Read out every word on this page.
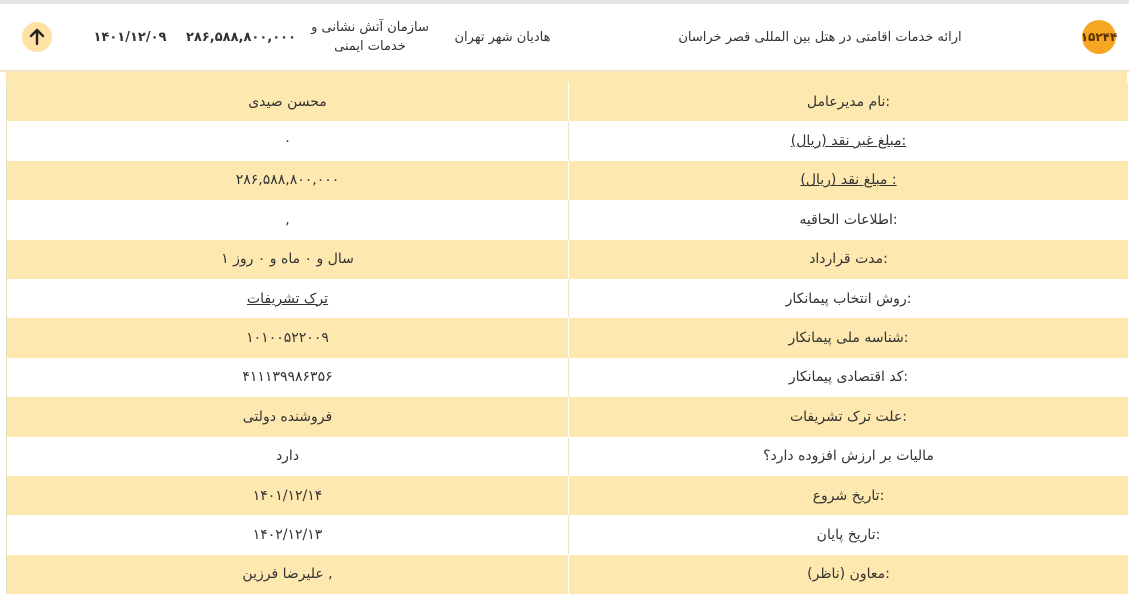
۱۵۲۴۴
ارائه خدمات اقامتی در هتل بین المللی قصر خراسان
هادیان شهر تهران
سازمان آتش نشانی و خدمات ایمنی
۲۸۶,۵۸۸,۸۰۰,۰۰۰
۱۴۰۱/۱۲/۰۹
محسن صیدی	نام مدیرعامل:
۰	مبلغ غیر نقد (ریال):
۲۸۶,۵۸۸,۸۰۰,۰۰۰	مبلغ نقد (ریال) :
,	اطلاعات الحاقیه:
۱ سال و ۰ ماه و ۰ روز	مدت قرارداد:
ترک تشریفات	روش انتخاب پیمانکار:
۱۰۱۰۰۵۲۲۰۰۹	شناسه ملی پیمانکار:
۴۱۱۱۳۹۹۸۶۳۵۶	کد اقتصادی پیمانکار:
فروشنده دولتی	علت ترک تشریفات:
دارد	مالیات بر ارزش افزوده دارد؟
۱۴۰۱/۱۲/۱۴	تاریخ شروع:
۱۴۰۲/۱۲/۱۳	تاریخ پایان:
علیرضا فرزین ,	معاون (ناظر):
